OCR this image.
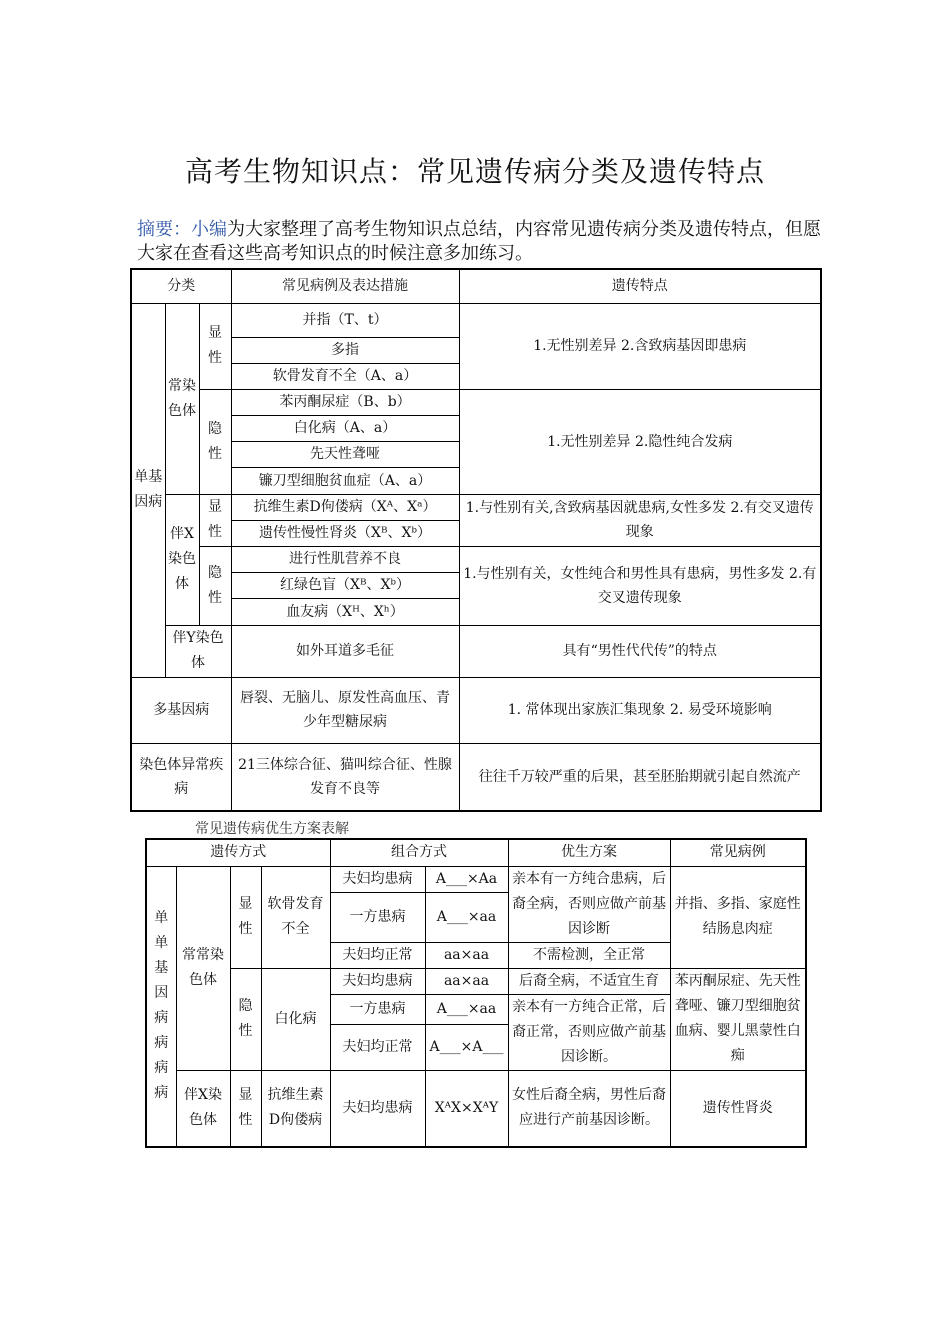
高考生物知识点：常见遗传病分类及遗传特点
摘要：小编为大家整理了高考生物知识点总结，内容常见遗传病分类及遗传特点，但愿大家在查看这些高考知识点的时候注意多加练习。
分类			常见病例及表达措施	遗传特点
单基因病	常染色体	显性	并指（T、t）	1.无性别差异 2.含致病基因即患病
			多指	
			软骨发育不全（A、a）	
		隐性	苯丙酮尿症（B、b）	1.无性别差异 2.隐性纯合发病
			白化病（A、a）	
			先天性聋哑	
			镰刀型细胞贫血症（A、a）	
	伴X染色体	显性	抗维生素D佝偻病（Xᴬ、Xᵃ）	1.与性别有关,含致病基因就患病,女性多发 2.有交叉遗传现象
			遗传性慢性肾炎（Xᴮ、Xᵇ）	
		隐性	进行性肌营养不良	1.与性别有关，女性纯合和男性具有患病，男性多发 2.有交叉遗传现象
			红绿色盲（Xᴮ、Xᵇ）	
			血友病（Xᴴ、Xʰ）	
	伴Y染色体		如外耳道多毛征	具有“男性代代传”的特点

多基因病			唇裂、无脑儿、原发性高血压、青少年型糖尿病	1. 常体现出家族汇集现象 2. 易受环境影响
染色体异常疾病			21三体综合征、猫叫综合征、性腺发育不良等	往往千万较严重的后果，甚至胚胎期就引起自然流产
常见遗传病优生方案表解
遗传方式				组合方式		优生方案	常见病例
单单基因病病病病	常常染色体	显性	软骨发育不全	夫妇均患病	A___×Aa	亲本有一方纯合患病，后裔全病，否则应做产前基因诊断	并指、多指、家庭性结肠息肉症
				一方患病	A___×aa		
				夫妇均正常	aa×aa	不需检测，全正常	
		隐性	白化病	夫妇均患病	aa×aa	后裔全病，不适宜生育	苯丙酮尿症、先天性聋哑、镰刀型细胞贫血病、婴儿黑蒙性白痴
				一方患病	A___×aa	亲本有一方纯合正常，后裔正常，否则应做产前基因诊断。	
				夫妇均正常	A___×A___		
	伴X染色体	显性	抗维生素D佝偻病	夫妇均患病	XᴬX×XᴬY	女性后裔全病，男性后裔应进行产前基因诊断。	遗传性肾炎
